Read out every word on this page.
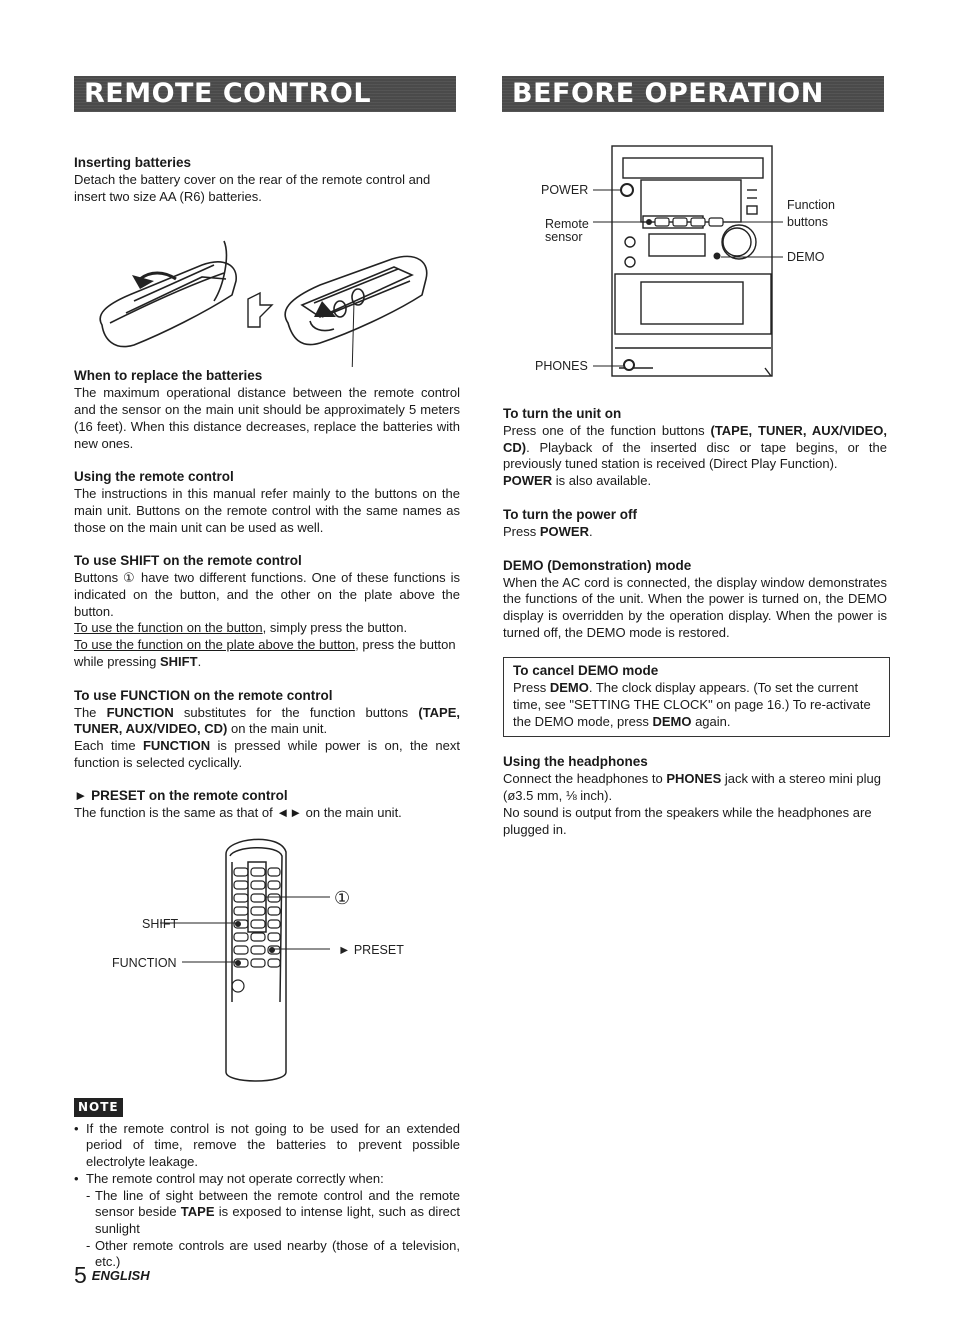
REMOTE CONTROL	BEFORE OPERATION
Inserting batteries

Detach the battery cover on the rear of the remote control and insert two size AA (R6) batteries.

When to replace the batteries

The maximum operational distance between the remote control and the sensor on the main unit should be approximately 5 meters (16 feet). When this distance decreases, replace the batteries with new ones.

Using the remote control

The instructions in this manual refer mainly to the buttons on the main unit. Buttons on the remote control with the same names as those on the main unit can be used as well.

To use SHIFT on the remote control

Buttons ① have two different functions. One of these functions is indicated on the button, and the other on the plate above the button.

To use the function on the button, simply press the button.

To use the function on the plate above the button, press the button while pressing SHIFT.

To use FUNCTION on the remote control

The FUNCTION substitutes for the function buttons (TAPE, TUNER, AUX/VIDEO, CD) on the main unit.

Each time FUNCTION is pressed while power is on, the next function is selected cyclically.

► PRESET on the remote control

The function is the same as that of ◄► on the main unit.

①
SHIFT
FUNCTION
► PRESET
NOTE
• If the remote control is not going to be used for an extended period of time, remove the batteries to prevent possible electrolyte leakage.
• The remote control may not operate correctly when:
- The line of sight between the remote control and the remote sensor beside TAPE is exposed to intense light, such as direct sunlight
- Other remote controls are used nearby (those of a television, etc.)
POWER
Remote
sensor
PHONES
Function
buttons
DEMO
To turn the unit on

Press one of the function buttons (TAPE, TUNER, AUX/VIDEO, CD). Playback of the inserted disc or tape begins, or the previously tuned station is received (Direct Play Function).
POWER is also available.

To turn the power off

Press POWER.

DEMO (Demonstration) mode

When the AC cord is connected, the display window demonstrates the functions of the unit. When the power is turned on, the DEMO display is overridden by the operation display. When the power is turned off, the DEMO mode is restored.

To cancel DEMO mode

Press DEMO. The clock display appears. (To set the current time, see "SETTING THE CLOCK" on page 16.) To re-activate the DEMO mode, press DEMO again.

Using the headphones

Connect the headphones to PHONES jack with a stereo mini plug (ø3.5 mm, ⅛ inch).

No sound is output from the speakers while the headphones are plugged in.

5 ENGLISH
